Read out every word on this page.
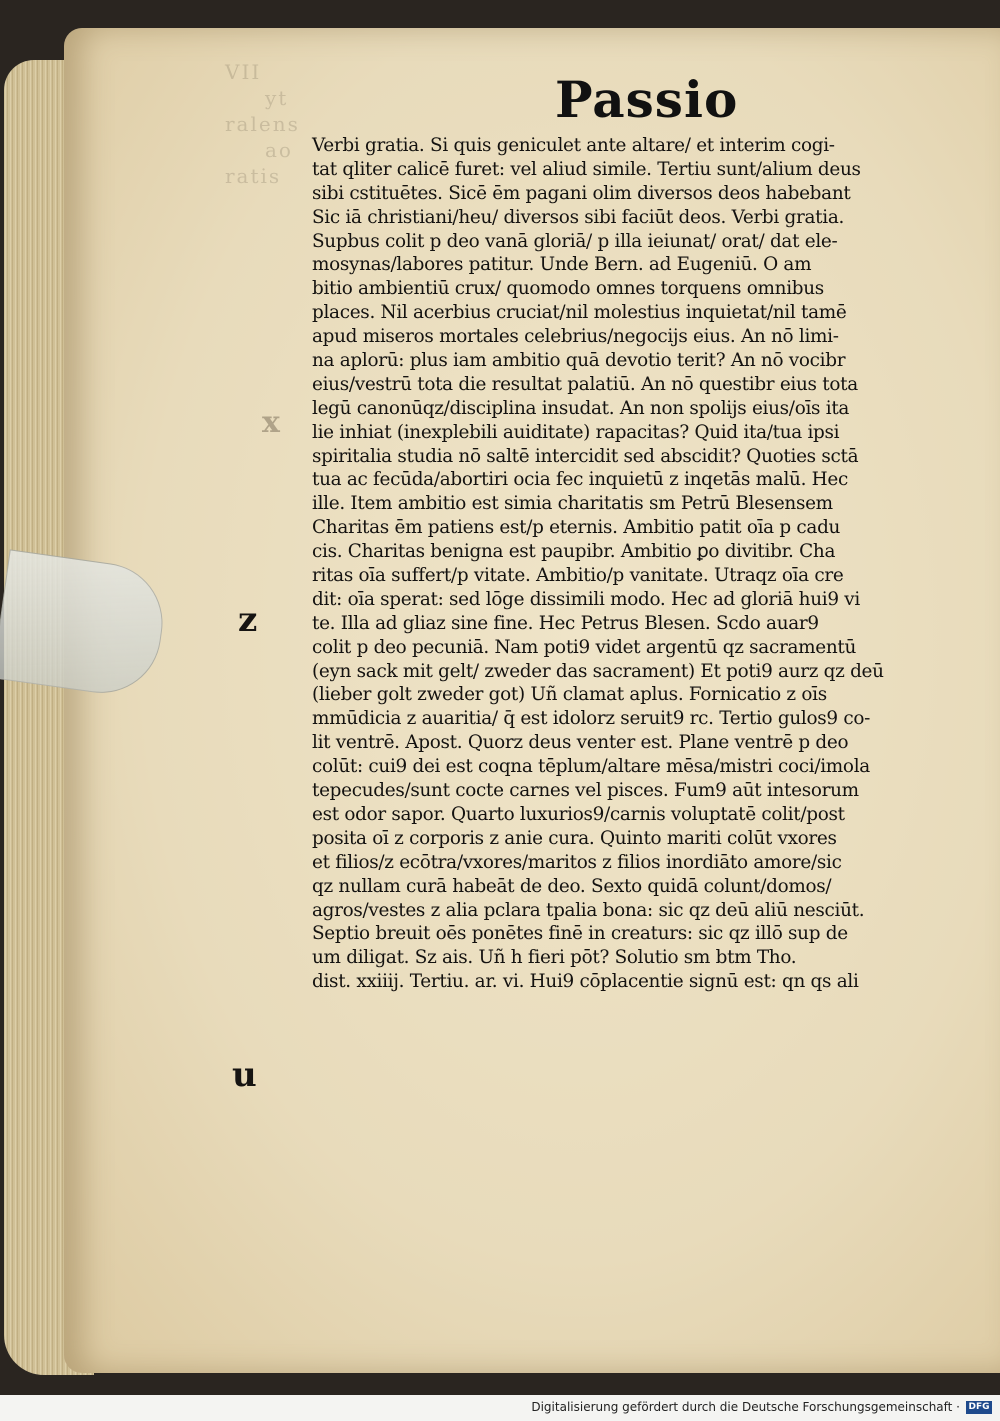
Passio
Verbi gratia. Si quis geniculet ante altare/ et interim cogi-
tat qliter calicē furet: vel aliud simile. Tertiu sunt/alium deus
sibi cstituētes. Sicē ēm pagani olim diversos deos habebant
Sic iā christiani/heu/ diversos sibi faciūt deos. Verbi gratia.
Supbus colit p deo vanā gloriā/ p illa ieiunat/ orat/ dat ele-
mosynas/labores patitur. Unde Bern. ad Eugeniū. O am
bitio ambientiū crux/ quomodo omnes torquens omnibus
places. Nil acerbius cruciat/nil molestius inquietat/nil tamē
apud miseros mortales celebrius/negocijs eius. An nō limi-
na aplorū: plus iam ambitio quā devotio terit? An nō vocibr
eius/vestrū tota die resultat palatiū. An nō questibr eius tota
legū canonūqz/disciplina insudat. An non spolijs eius/oīs ita
lie inhiat (inexplebili auiditate) rapacitas? Quid ita/tua ipsi
spiritalia studia nō saltē intercidit sed abscidit? Quoties sctā
tua ac fecūda/abortiri ocia fec inquietū z inqetās malū. Hec
ille. Item ambitio est simia charitatis sm Petrū Blesensem
Charitas ēm patiens est/p eternis. Ambitio patit oīa p cadu
cis. Charitas benigna est paupibr. Ambitio ꝑo divitibr. Cha
ritas oīa suffert/p vitate. Ambitio/p vanitate. Utraqz oīa cre
dit: oīa sperat: sed lōge dissimili modo. Hec ad gloriā hui9 vi
te. Illa ad gliaz sine fine. Hec Petrus Blesen. Scdo auar9
colit p deo pecuniā. Nam poti9 videt argentū qz sacramentū
(eyn sack mit gelt/ zweder das sacrament) Et poti9 aurz qz deū
(lieber golt zweder got) Uñ clamat aplus. Fornicatio z oīs
mmūdicia z auaritia/ q̄ est idolorz seruit9 rc. Tertio gulos9 co-
lit ventrē. Apost. Quorz deus venter est. Plane ventrē p deo
colūt: cui9 dei est coqna tēplum/altare mēsa/mistri coci/imola
tepecudes/sunt cocte carnes vel pisces. Fum9 aūt intesorum
est odor sapor. Quarto luxurios9/carnis voluptatē colit/post
posita oī z corporis z anie cura. Quinto mariti colūt vxores
et filios/z ecōtra/vxores/maritos z filios inordiāto amore/sic
qz nullam curā habeāt de deo. Sexto quidā colunt/domos/
agros/vestes z alia pclara tpalia bona: sic qz deū aliū nesciūt.
Septio breuit oēs ponētes finē in creaturs: sic qz illō sup de
um diligat. Sz ais. Uñ h fieri pōt? Solutio sm btm Tho.
dist. xxiiij. Tertiu. ar. vi. Hui9 cōplacentie signū est: qn qs ali
x
z
u
Digitalisierung gefördert durch die Deutsche Forschungsgemeinschaft · DFG
